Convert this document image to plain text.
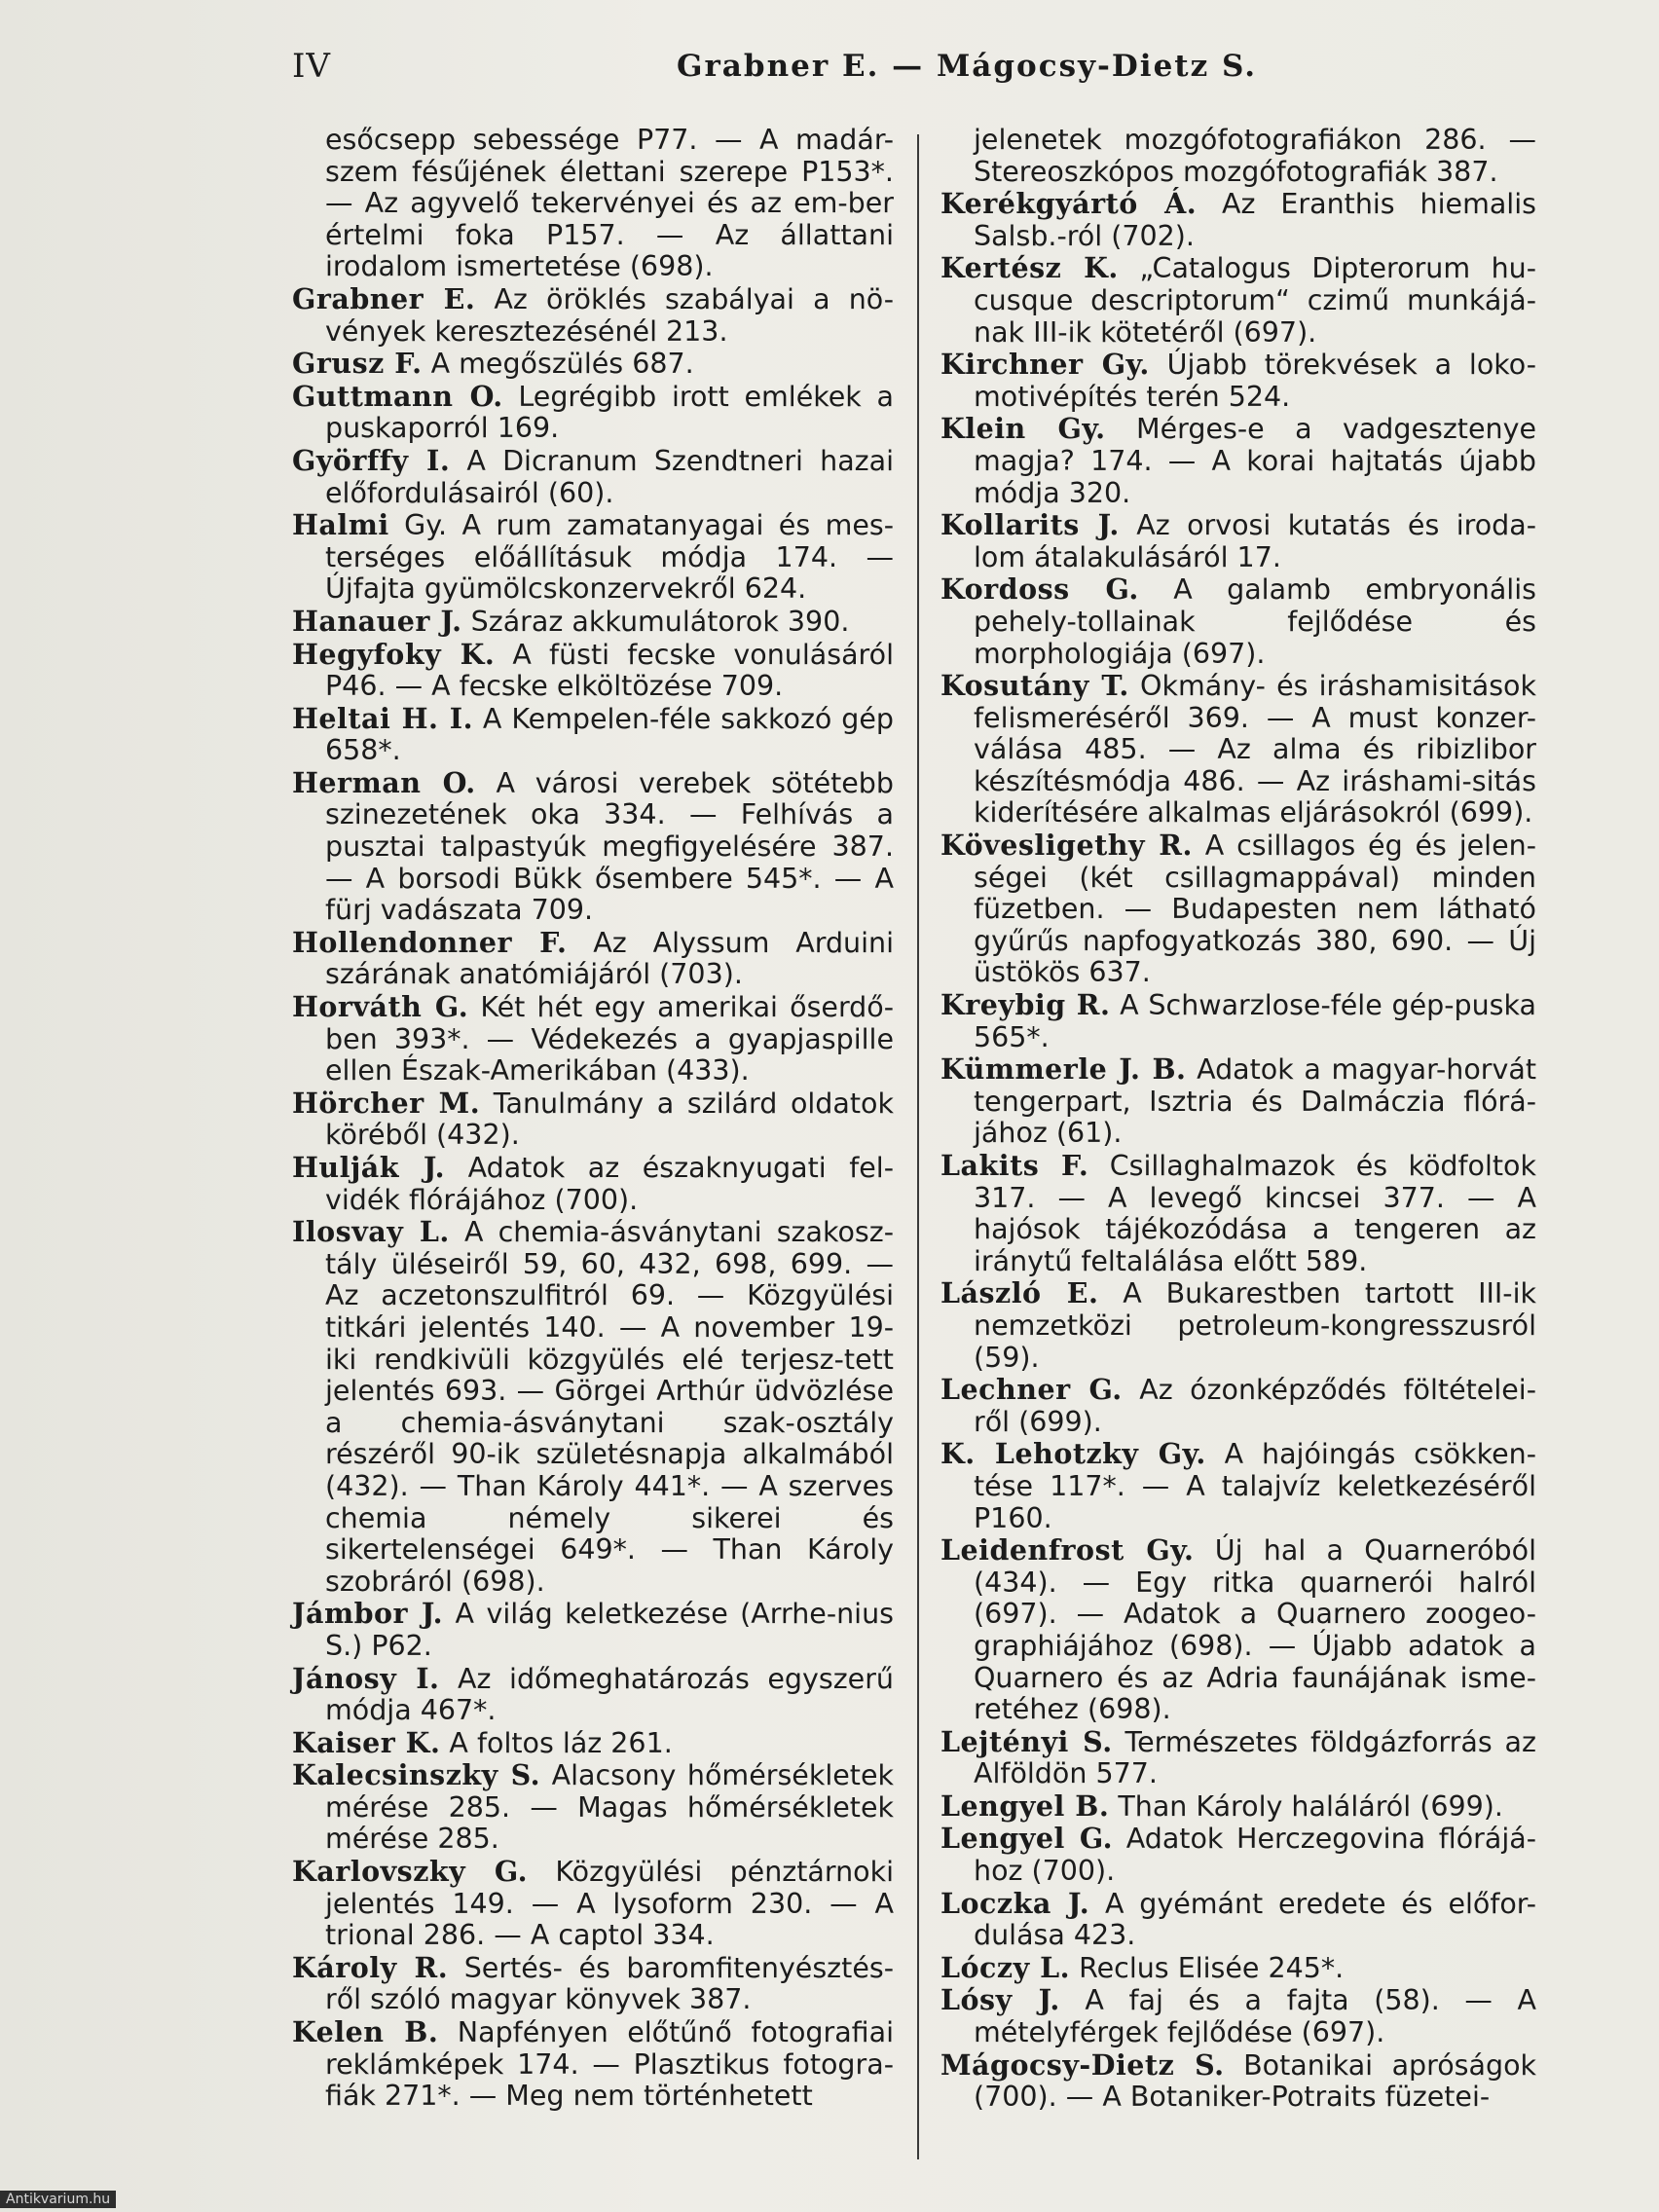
IV	Grabner E. — Mágocsy-Dietz S.

esőcsepp sebessége P77. — A madár-szem fésűjének élettani szerepe P153*. — Az agyvelő tekervényei és az em-ber értelmi foka P157. — Az állattani irodalom ismertetése (698).

Grabner E. Az öröklés szabályai a nö-vények keresztezésénél 213.

Grusz F. A megőszülés 687.

Guttmann O. Legrégibb irott emlékek a puskaporról 169.

Györffy I. A Dicranum Szendtneri hazai előfordulásairól (60).

Halmi Gy. A rum zamatanyagai és mes-terséges előállításuk módja 174. — Újfajta gyümölcskonzervekről 624.

Hanauer J. Száraz akkumulátorok 390.

Hegyfoky K. A füsti fecske vonulásáról P46. — A fecske elköltözése 709.

Heltai H. I. A Kempelen-féle sakkozó gép 658*.

Herman O. A városi verebek sötétebb szinezetének oka 334. — Felhívás a pusztai talpastyúk megfigyelésére 387. — A borsodi Bükk ősembere 545*. — A fürj vadászata 709.

Hollendonner F. Az Alyssum Arduini szárának anatómiájáról (703).

Horváth G. Két hét egy amerikai őserdő-ben 393*. — Védekezés a gyapjaspille ellen Észak-Amerikában (433).

Hörcher M. Tanulmány a szilárd oldatok köréből (432).

Hulják J. Adatok az északnyugati fel-vidék flórájához (700).

Ilosvay L. A chemia-ásványtani szakosz-tály üléseiről 59, 60, 432, 698, 699. — Az aczetonszulfitról 69. — Közgyülési titkári jelentés 140. — A november 19-iki rendkivüli közgyülés elé terjesz-tett jelentés 693. — Görgei Arthúr üdvözlése a chemia-ásványtani szak-osztály részéről 90-ik születésnapja alkalmából (432). — Than Károly 441*. — A szerves chemia némely sikerei és sikertelenségei 649*. — Than Károly szobráról (698).

Jámbor J. A világ keletkezése (Arrhe-nius S.) P62.

Jánosy I. Az időmeghatározás egyszerű módja 467*.

Kaiser K. A foltos láz 261.

Kalecsinszky S. Alacsony hőmérsékletek mérése 285. — Magas hőmérsékletek mérése 285.

Karlovszky G. Közgyülési pénztárnoki jelentés 149. — A lysoform 230. — A trional 286. — A captol 334.

Károly R. Sertés- és baromfitenyésztés-ről szóló magyar könyvek 387.

Kelen B. Napfényen előtűnő fotografiai reklámképek 174. — Plasztikus fotogra-fiák 271*. — Meg nem történhetett

jelenetek mozgófotografiákon 286. — Stereoszkópos mozgófotografiák 387.

Kerékgyártó Á. Az Eranthis hiemalis Salsb.-ról (702).

Kertész K. „Catalogus Dipterorum hu-cusque descriptorum“ czimű munkájá-nak III-ik kötetéről (697).

Kirchner Gy. Újabb törekvések a loko-motivépítés terén 524.

Klein Gy. Mérges-e a vadgesztenye magja? 174. — A korai hajtatás újabb módja 320.

Kollarits J. Az orvosi kutatás és iroda-lom átalakulásáról 17.

Kordoss G. A galamb embryonális pehely-tollainak fejlődése és morphologiája (697).

Kosutány T. Okmány- és iráshamisitások felismeréséről 369. — A must konzer-válása 485. — Az alma és ribizlibor készítésmódja 486. — Az iráshami-sitás kiderítésére alkalmas eljárásokról (699).

Kövesligethy R. A csillagos ég és jelen-ségei (két csillagmappával) minden füzetben. — Budapesten nem látható gyűrűs napfogyatkozás 380, 690. — Új üstökös 637.

Kreybig R. A Schwarzlose-féle gép-puska 565*.

Kümmerle J. B. Adatok a magyar-horvát tengerpart, Isztria és Dalmáczia flórá-jához (61).

Lakits F. Csillaghalmazok és ködfoltok 317. — A levegő kincsei 377. — A hajósok tájékozódása a tengeren az iránytű feltalálása előtt 589.

László E. A Bukarestben tartott III-ik nemzetközi petroleum-kongresszusról (59).

Lechner G. Az ózonképződés föltételei-ről (699).

K. Lehotzky Gy. A hajóingás csökken-tése 117*. — A talajvíz keletkezéséről P160.

Leidenfrost Gy. Új hal a Quarneróból (434). — Egy ritka quarnerói halról (697). — Adatok a Quarnero zoogeo-graphiájához (698). — Újabb adatok a Quarnero és az Adria faunájának isme-retéhez (698).

Lejtényi S. Természetes földgázforrás az Alföldön 577.

Lengyel B. Than Károly haláláról (699).

Lengyel G. Adatok Herczegovina flórájá-hoz (700).

Loczka J. A gyémánt eredete és előfor-dulása 423.

Lóczy L. Reclus Elisée 245*.

Lósy J. A faj és a fajta (58). — A mételyférgek fejlődése (697).

Mágocsy-Dietz S. Botanikai apróságok (700). — A Botaniker-Potraits füzetei-

Antikvarium.hu
